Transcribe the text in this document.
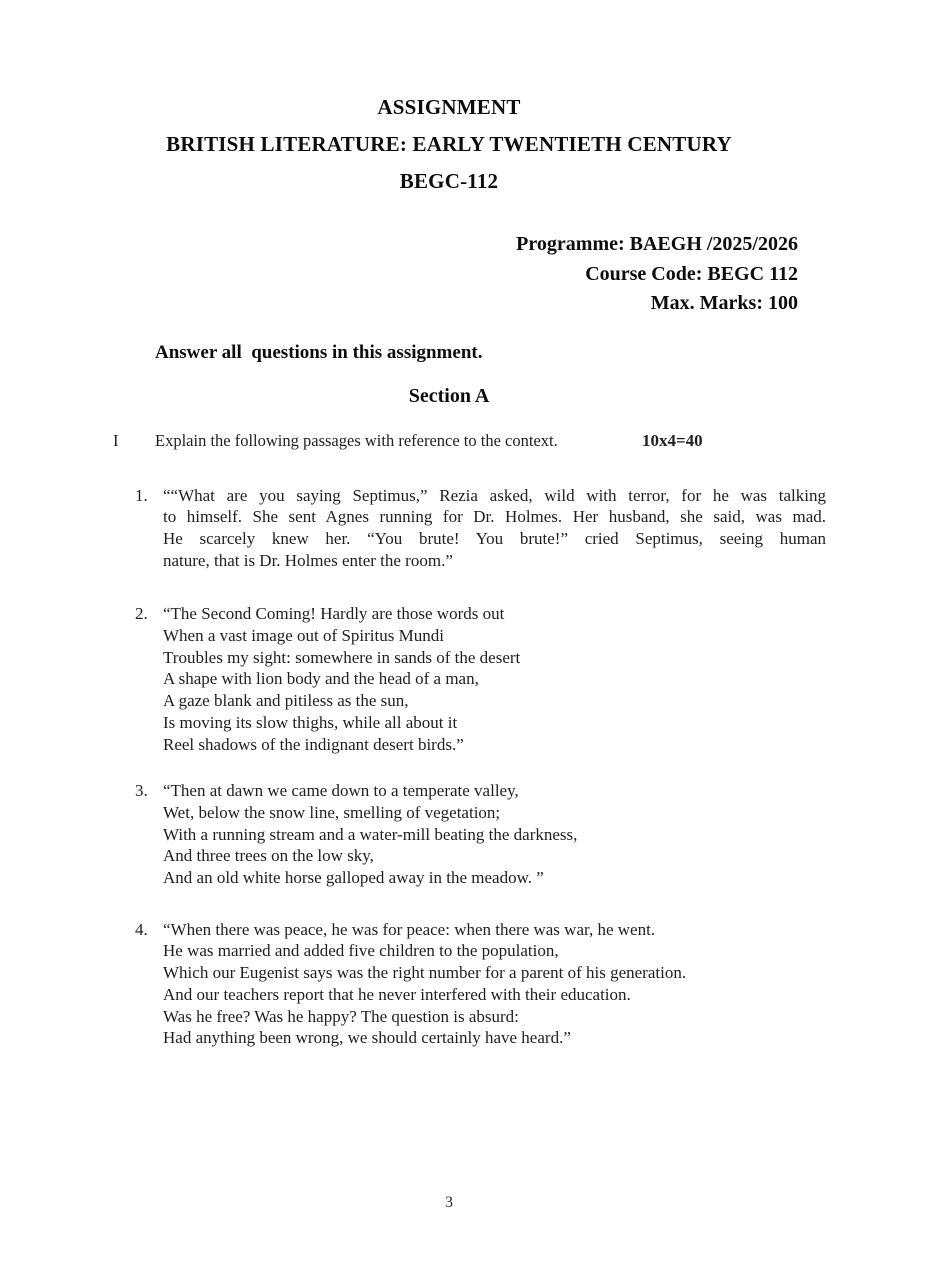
ASSIGNMENT
BRITISH LITERATURE: EARLY TWENTIETH CENTURY
BEGC-112
Programme: BAEGH /2025/2026
Course Code: BEGC 112
Max. Marks: 100
Answer all  questions in this assignment.
Section A
I Explain the following passages with reference to the context.	10x4=40
1. ““What are you saying Septimus,” Rezia asked, wild with terror, for he was talking
to himself. She sent Agnes running for Dr. Holmes. Her husband, she said, was mad.
He scarcely knew her. “You brute! You brute!” cried Septimus, seeing human
nature, that is Dr. Holmes enter the room.”
2. “The Second Coming! Hardly are those words out
When a vast image out of Spiritus Mundi
Troubles my sight: somewhere in sands of the desert
A shape with lion body and the head of a man,
A gaze blank and pitiless as the sun,
Is moving its slow thighs, while all about it
Reel shadows of the indignant desert birds.”
3. “Then at dawn we came down to a temperate valley,
Wet, below the snow line, smelling of vegetation;
With a running stream and a water-mill beating the darkness,
And three trees on the low sky,
And an old white horse galloped away in the meadow. ”
4. “When there was peace, he was for peace: when there was war, he went.
He was married and added five children to the population,
Which our Eugenist says was the right number for a parent of his generation.
And our teachers report that he never interfered with their education.
Was he free? Was he happy? The question is absurd:
Had anything been wrong, we should certainly have heard.”
3
